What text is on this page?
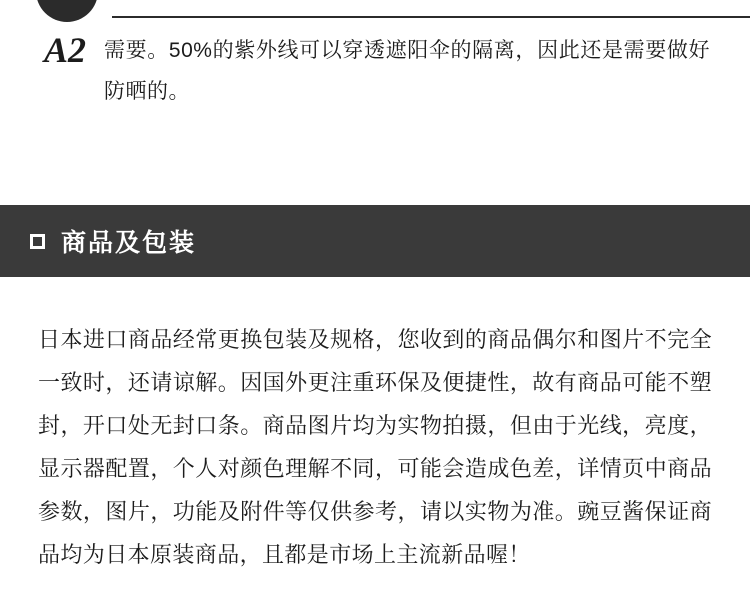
A2 需要。50%的紫外线可以穿透遮阳伞的隔离，因此还是需要做好防晒的。
商品及包装
日本进口商品经常更换包装及规格，您收到的商品偶尔和图片不完全一致时，还请谅解。因国外更注重环保及便捷性，故有商品可能不塑封，开口处无封口条。商品图片均为实物拍摄，但由于光线，亮度，显示器配置，个人对颜色理解不同，可能会造成色差，详情页中商品参数，图片，功能及附件等仅供参考，请以实物为准。豌豆酱保证商品均为日本原装商品，且都是市场上主流新品喔！
